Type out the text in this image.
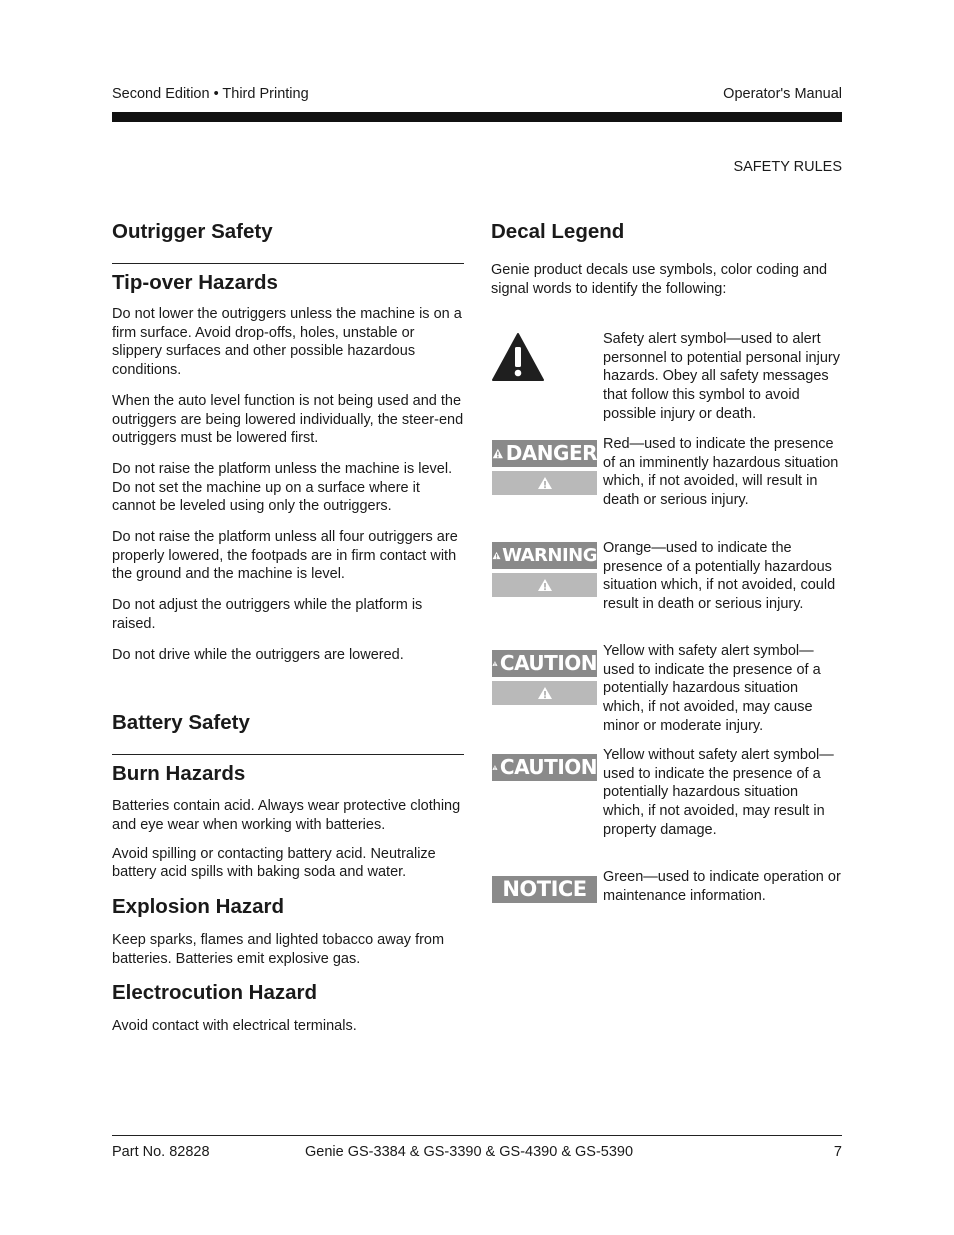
Second Edition • Third Printing	Operator's Manual
SAFETY RULES
Outrigger Safety
Tip-over Hazards

Do not lower the outriggers unless the machine is on a firm surface. Avoid drop-offs, holes, unstable or slippery surfaces and other possible hazardous conditions.

When the auto level function is not being used and the outriggers are being lowered individually, the steer-end outriggers must be lowered first.

Do not raise the platform unless the machine is level. Do not set the machine up on a surface where it cannot be leveled using only the outriggers.

Do not raise the platform unless all four outriggers are properly lowered, the footpads are in firm contact with the ground and the machine is level.

Do not adjust the outriggers while the platform is raised.

Do not drive while the outriggers are lowered.

Battery Safety
Burn Hazards

Batteries contain acid. Always wear protective clothing and eye wear when working with batteries.

Avoid spilling or contacting battery acid. Neutralize battery acid spills with baking soda and water.

Explosion Hazard

Keep sparks, flames and lighted tobacco away from batteries. Batteries emit explosive gas.

Electrocution Hazard

Avoid contact with electrical terminals.

Decal Legend

Genie product decals use symbols, color coding and signal words to identify the following:

Safety alert symbol—used to alert personnel to potential personal injury hazards. Obey all safety messages that follow this symbol to avoid possible injury or death.
DANGER Red—used to indicate the presence of an imminently hazardous situation which, if not avoided, will result in death or serious injury.
WARNING Orange—used to indicate the presence of a potentially hazardous situation which, if not avoided, could result in death or serious injury.
CAUTION Yellow with safety alert symbol—used to indicate the presence of a potentially hazardous situation which, if not avoided, may cause minor or moderate injury.
CAUTION Yellow without safety alert symbol—used to indicate the presence of a potentially hazardous situation which, if not avoided, may result in property damage.
NOTICE	Green—used to indicate operation or maintenance information.
Part No. 82828	Genie GS-3384 & GS-3390 & GS-4390 & GS-5390	7
